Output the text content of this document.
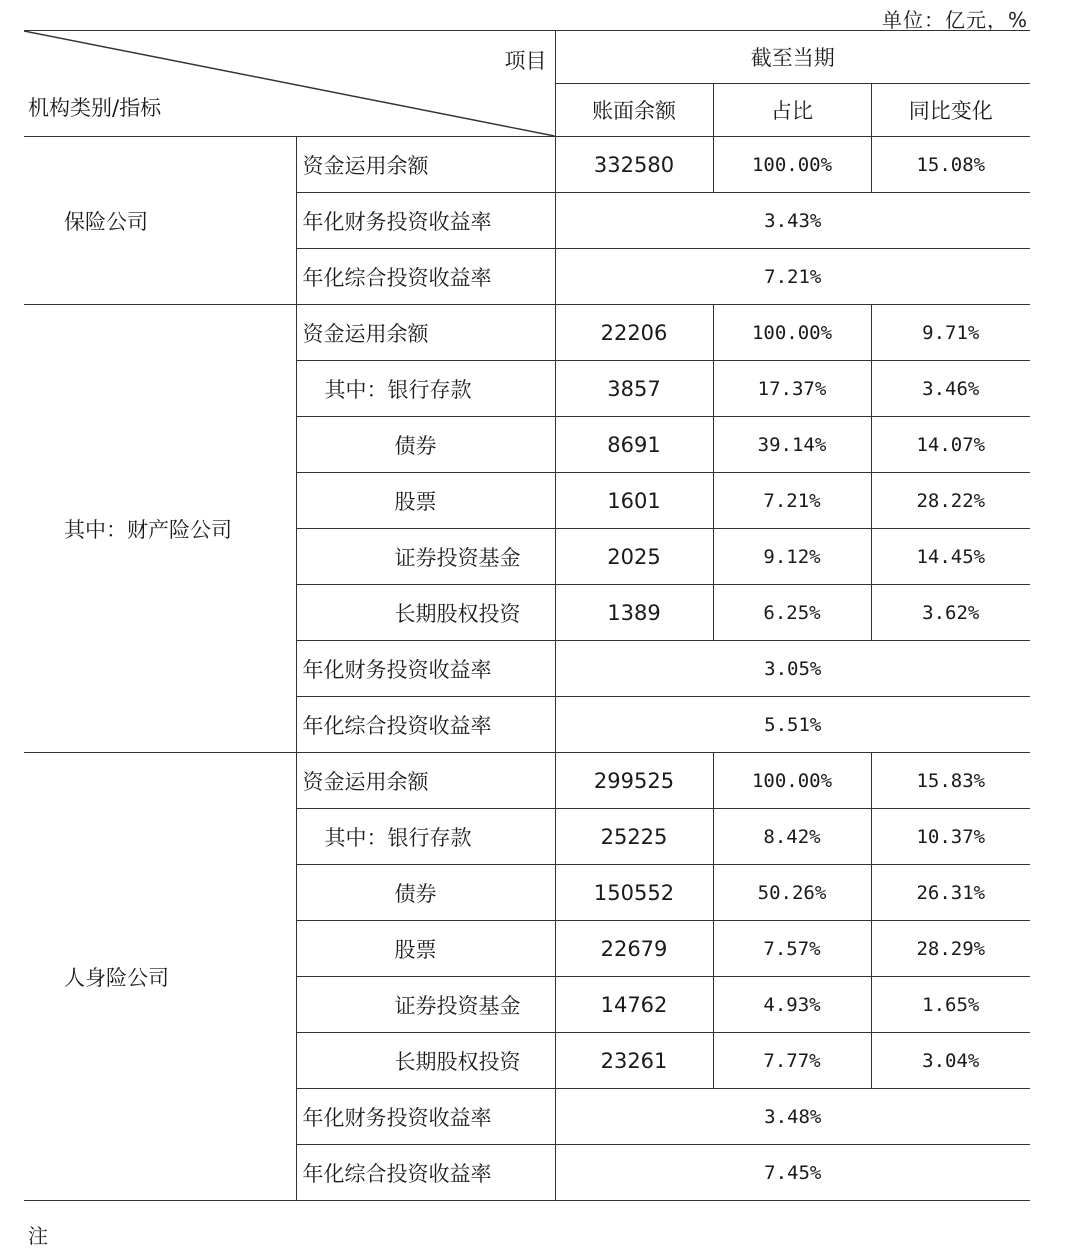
单位：亿元，%
项目
机构类别/指标		截至当期		
		账面余额	占比	同比变化
保险公司	资金运用余额	332580	100.00%	15.08%
	年化财务投资收益率	3.43%		
	年化综合投资收益率	7.21%		
其中：财产险公司	资金运用余额	22206	100.00%	9.71%
	其中：银行存款	3857	17.37%	3.46%
	债券	8691	39.14%	14.07%
	股票	1601	7.21%	28.22%
	证券投资基金	2025	9.12%	14.45%
	长期股权投资	1389	6.25%	3.62%
	年化财务投资收益率	3.05%		
	年化综合投资收益率	5.51%		
人身险公司	资金运用余额	299525	100.00%	15.83%
	其中：银行存款	25225	8.42%	10.37%
	债券	150552	50.26%	26.31%
	股票	22679	7.57%	28.29%
	证券投资基金	14762	4.93%	1.65%
	长期股权投资	23261	7.77%	3.04%
	年化财务投资收益率	3.48%		
	年化综合投资收益率	7.45%		
注
